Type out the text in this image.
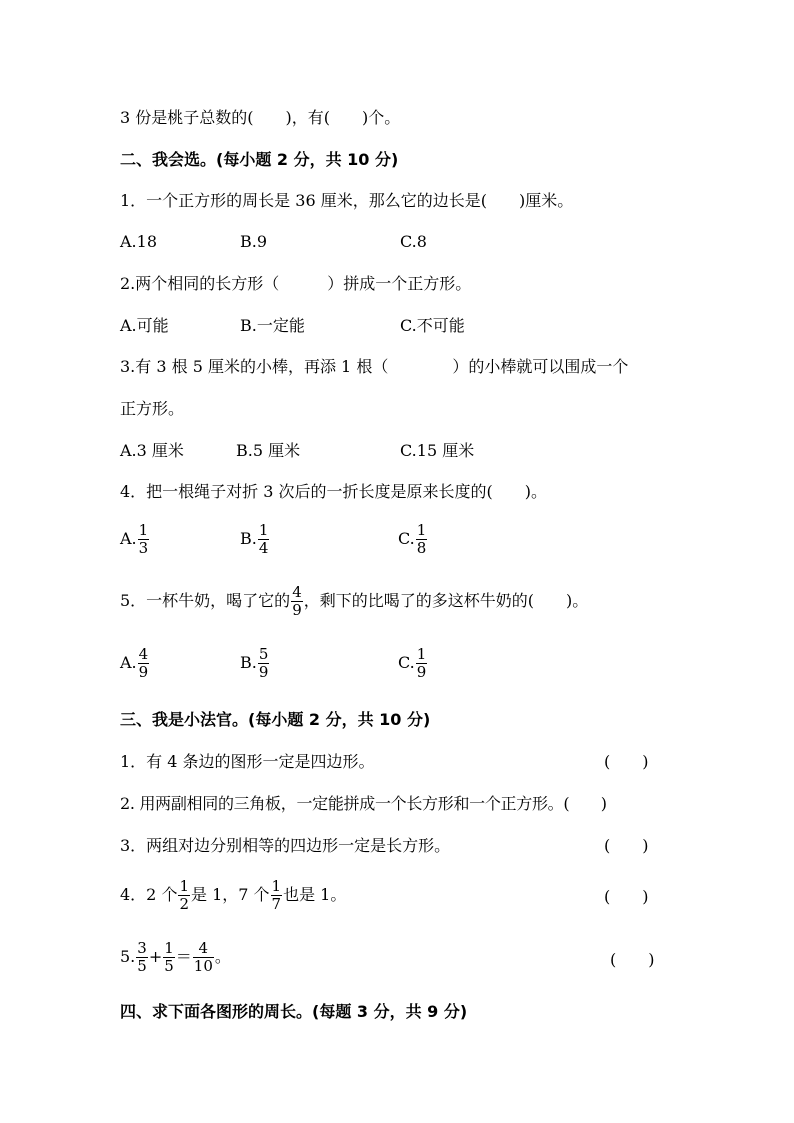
3 份是桃子总数的(　　)，有(　　)个。
二、我会选。(每小题 2 分，共 10 分)
1．一个正方形的周长是 36 厘米，那么它的边长是(　　)厘米。
A.18	B.9	C.8
2.两个相同的长方形（　　　）拼成一个正方形。
A.可能	B.一定能	C.不可能
3.有 3 根 5 厘米的小棒，再添 1 根（　　　　）的小棒就可以围成一个
正方形。
A.3 厘米	B.5 厘米	C.15 厘米
4．把一根绳子对折 3 次后的一折长度是原来长度的(　　)。
A. $\frac{1}{3}$	B. $\frac{1}{4}$	C. $\frac{1}{8}$
5．一杯牛奶，喝了它的 $\frac{4}{9}$ ，剩下的比喝了的多这杯牛奶的(　　)。
A. $\frac{4}{9}$	B. $\frac{5}{9}$	C. $\frac{1}{9}$
三、我是小法官。(每小题 2 分，共 10 分)
1．有 4 条边的图形一定是四边形。	(　　)
2. 用两副相同的三角板，一定能拼成一个长方形和一个正方形。(　　)
3．两组对边分别相等的四边形一定是长方形。	(　　)
4．2 个 $\frac{1}{2}$ 是 1，7 个 $\frac{1}{7}$ 也是 1。	(　　)
5. $\frac{3}{5} + \frac{1}{5} = \frac{4}{10}$ 。	(　　)
四、求下面各图形的周长。(每题 3 分，共 9 分)
